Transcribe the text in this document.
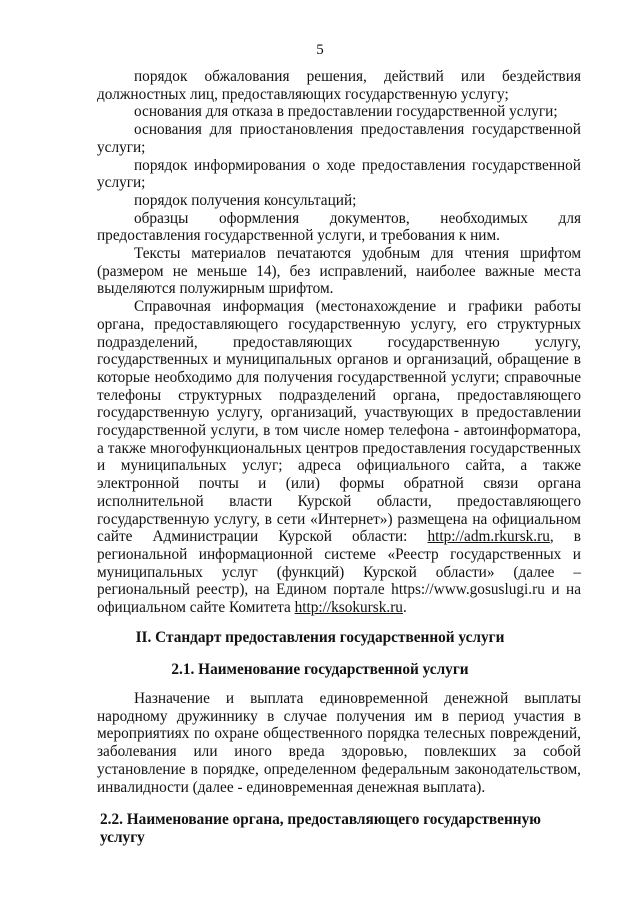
5

порядок обжалования решения, действий или бездействия должностных лиц, предоставляющих государственную услугу;

основания для отказа в предоставлении государственной услуги;

основания для приостановления предоставления государственной услуги;

порядок информирования о ходе предоставления государственной услуги;

порядок получения консультаций;

образцы оформления документов, необходимых для предоставления государственной услуги, и требования к ним.

Тексты материалов печатаются удобным для чтения шрифтом (размером не меньше 14), без исправлений, наиболее важные места выделяются полужирным шрифтом.

Справочная информация (местонахождение и графики работы органа, предоставляющего государственную услугу, его структурных подразделений, предоставляющих государственную услугу, государственных и муниципальных органов и организаций, обращение в которые необходимо для получения государственной услуги; справочные телефоны структурных подразделений органа, предоставляющего государственную услугу, организаций, участвующих в предоставлении государственной услуги, в том числе номер телефона - автоинформатора, а также многофункциональных центров предоставления государственных и муниципальных услуг; адреса официального сайта, а также электронной почты и (или) формы обратной связи органа исполнительной власти Курской области, предоставляющего государственную услугу, в сети «Интернет») размещена на официальном сайте Администрации Курской области: http://adm.rkursk.ru, в региональной информационной системе «Реестр государственных и муниципальных услуг (функций) Курской области» (далее – региональный реестр), на Едином портале https://www.gosuslugi.ru и на официальном сайте Комитета http://ksokursk.ru.

II. Стандарт предоставления государственной услуги
2.1. Наименование государственной услуги

Назначение и выплата единовременной денежной выплаты народному дружиннику в случае получения им в период участия в мероприятиях по охране общественного порядка телесных повреждений, заболевания или иного вреда здоровью, повлекших за собой установление в порядке, определенном федеральным законодательством, инвалидности (далее - единовременная денежная выплата).

2.2. Наименование органа, предоставляющего государственную услугу
